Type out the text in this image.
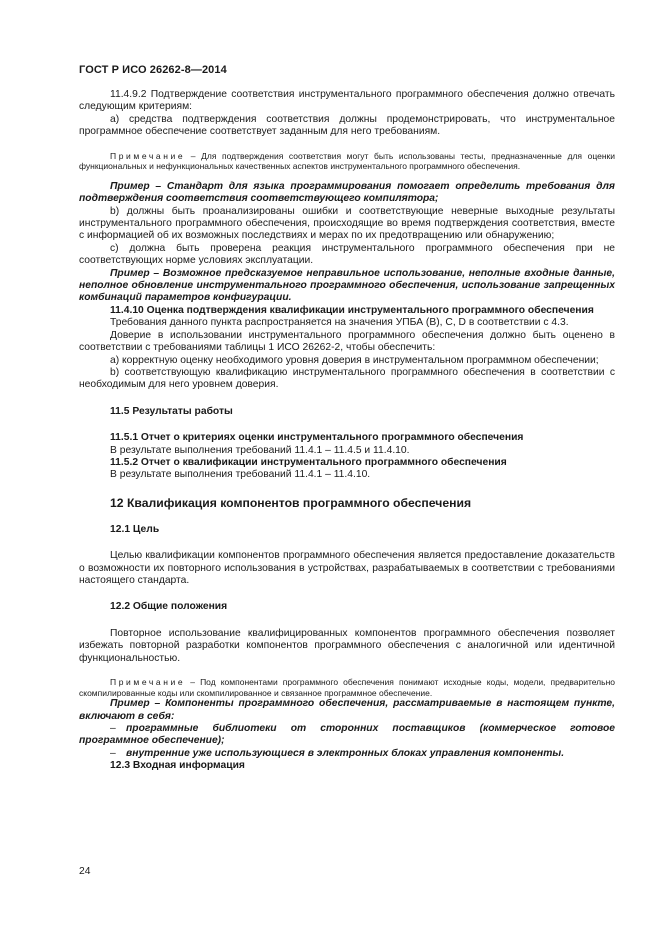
ГОСТ Р ИСО 26262-8—2014

11.4.9.2 Подтверждение соответствия инструментального программного обеспечения должно отвечать следующим критериям:

a) средства подтверждения соответствия должны продемонстрировать, что инструментальное программное обеспечение соответствует заданным для него требованиям.

Примечание – Для подтверждения соответствия могут быть использованы тесты, предназначенные для оценки функциональных и нефункциональных качественных аспектов инструментального программного обеспечения.

Пример – Стандарт для языка программирования помогает определить требования для подтверждения соответствия соответствующего компилятора;

b) должны быть проанализированы ошибки и соответствующие неверные выходные результаты инструментального программного обеспечения, происходящие во время подтверждения соответствия, вместе с информацией об их возможных последствиях и мерах по их предотвращению или обнаружению;

c) должна быть проверена реакция инструментального программного обеспечения при не соответствующих норме условиях эксплуатации.

Пример – Возможное предсказуемое неправильное использование, неполные входные данные, неполное обновление инструментального программного обеспечения, использование запрещенных комбинаций параметров конфигурации.

11.4.10 Оценка подтверждения квалификации инструментального программного обеспечения

Требования данного пункта распространяется на значения УПБА (В), С, D в соответствии с 4.3.

Доверие в использовании инструментального программного обеспечения должно быть оценено в соответствии с требованиями таблицы 1 ИСО 26262-2, чтобы обеспечить:

a) корректную оценку необходимого уровня доверия в инструментальном программном обеспечении;

b) соответствующую квалификацию инструментального программного обеспечения в соответствии с необходимым для него уровнем доверия.

11.5 Результаты работы

11.5.1 Отчет о критериях оценки инструментального программного обеспечения

В результате выполнения требований 11.4.1 – 11.4.5 и 11.4.10.

11.5.2 Отчет о квалификации инструментального программного обеспечения

В результате выполнения требований 11.4.1 – 11.4.10.

12 Квалификация компонентов программного обеспечения

12.1 Цель

Целью квалификации компонентов программного обеспечения является предоставление доказательств о возможности их повторного использования в устройствах, разрабатываемых в соответствии с требованиями настоящего стандарта.

12.2 Общие положения

Повторное использование квалифицированных компонентов программного обеспечения позволяет избежать повторной разработки компонентов программного обеспечения с аналогичной или идентичной функциональностью.

Примечание – Под компонентами программного обеспечения понимают исходные коды, модели, предварительно скомпилированные коды или скомпилированное и связанное программное обеспечение.

Пример – Компоненты программного обеспечения, рассматриваемые в настоящем пункте, включают в себя:

– программные библиотеки от сторонних поставщиков (коммерческое готовое программное обеспечение);

– внутренние уже использующиеся в электронных блоках управления компоненты.

12.3 Входная информация

24
